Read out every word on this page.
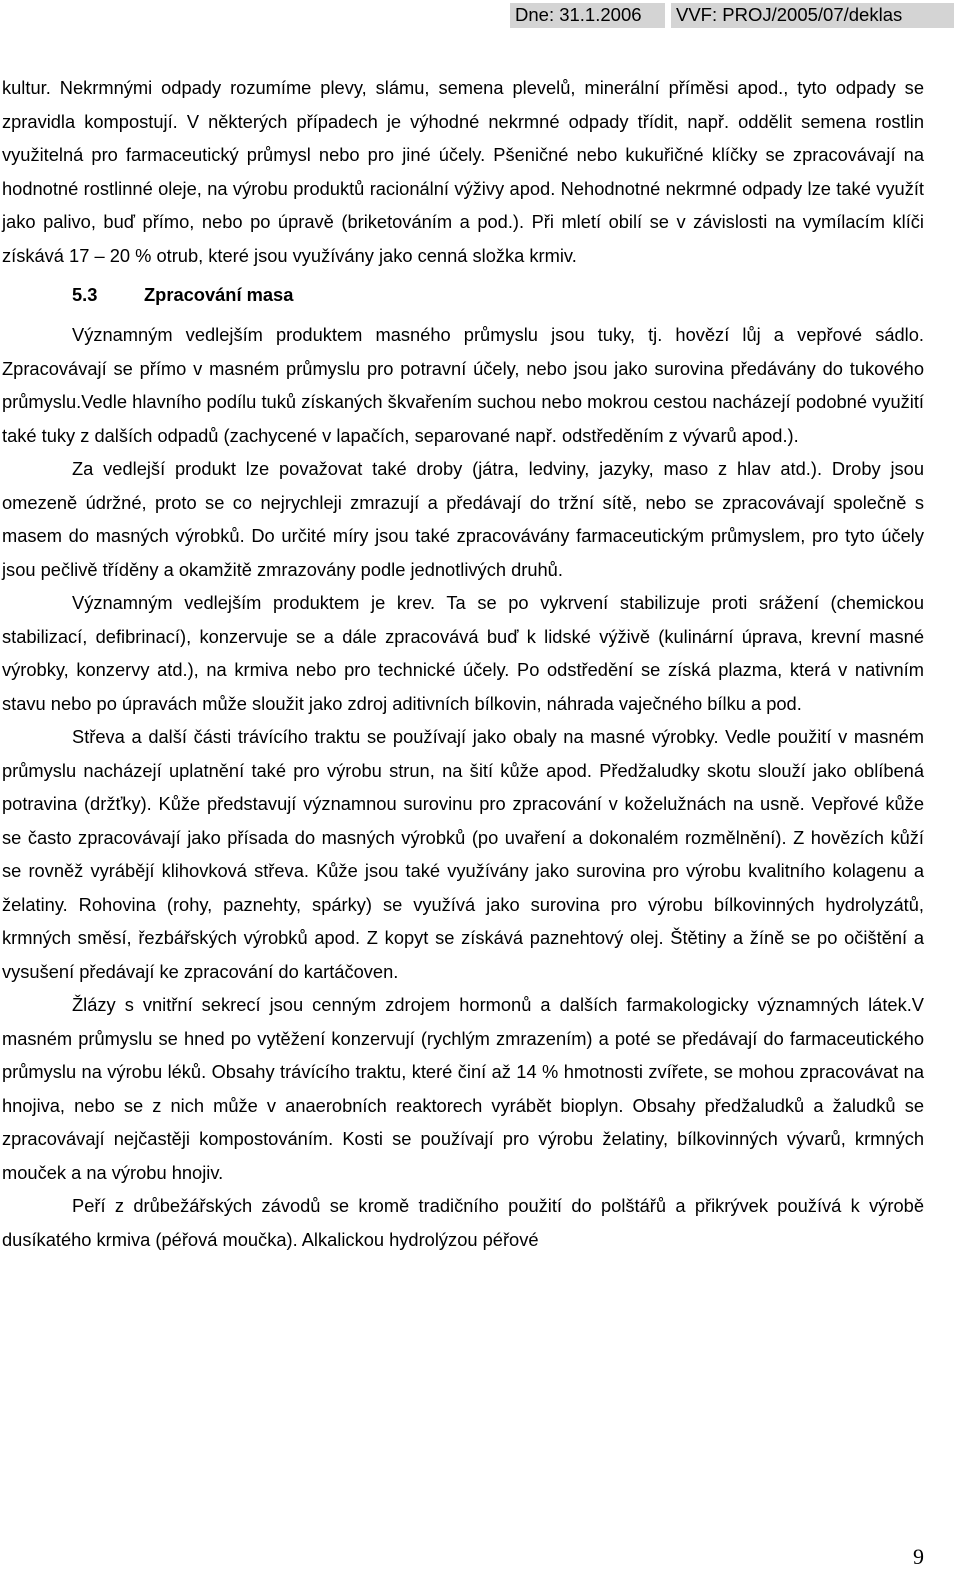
Dne: 31.1.2006	VVF: PROJ/2005/07/deklas

kultur. Nekrmnými odpady rozumíme plevy, slámu, semena plevelů, minerální příměsi apod., tyto odpady se zpravidla kompostují. V některých případech je výhodné nekrmné odpady třídit, např. oddělit semena rostlin využitelná pro farmaceutický průmysl nebo pro jiné účely. Pšeničné nebo kukuřičné klíčky se zpracovávají na hodnotné rostlinné oleje, na výrobu produktů racionální výživy apod. Nehodnotné nekrmné odpady lze také využít jako palivo, buď přímo, nebo po úpravě (briketováním a pod.). Při mletí obilí se v závislosti na vymílacím klíči získává 17 – 20 % otrub, které jsou využívány jako cenná složka krmiv.

5.3	Zpracování masa

Významným vedlejším produktem masného průmyslu jsou tuky, tj. hovězí lůj a vepřové sádlo. Zpracovávají se přímo v masném průmyslu pro potravní účely, nebo jsou jako surovina předávány do tukového průmyslu.Vedle hlavního podílu tuků získaných škvařením suchou nebo mokrou cestou nacházejí podobné využití také tuky z dalších odpadů (zachycené v lapačích, separované např. odstředěním z vývarů apod.).

Za vedlejší produkt lze považovat také droby (játra, ledviny, jazyky, maso z hlav atd.). Droby jsou omezeně údržné, proto se co nejrychleji zmrazují a předávají do tržní sítě, nebo se zpracovávají společně s masem do masných výrobků. Do určité míry jsou také zpracovávány farmaceutickým průmyslem, pro tyto účely jsou pečlivě tříděny a okamžitě zmrazovány podle jednotlivých druhů.

Významným vedlejším produktem je krev. Ta se po vykrvení stabilizuje proti srážení (chemickou stabilizací, defibrinací), konzervuje se a dále zpracovává buď k lidské výživě (kulinární úprava, krevní masné výrobky, konzervy atd.), na krmiva nebo pro technické účely. Po odstředění se získá plazma, která v nativním stavu nebo po úpravách může sloužit jako zdroj aditivních bílkovin, náhrada vaječného bílku a pod.

Střeva a další části trávícího traktu se používají jako obaly na masné výrobky. Vedle použití v masném průmyslu nacházejí uplatnění také pro výrobu strun, na šití kůže apod. Předžaludky skotu slouží jako oblíbená potravina (držťky). Kůže představují významnou surovinu pro zpracování v koželužnách na usně. Vepřové kůže se často zpracovávají jako přísada do masných výrobků (po uvaření a dokonalém rozmělnění). Z hovězích kůží se rovněž vyrábějí klihovková střeva. Kůže jsou také využívány jako surovina pro výrobu kvalitního kolagenu a želatiny. Rohovina (rohy, paznehty, spárky) se využívá jako surovina pro výrobu bílkovinných hydrolyzátů, krmných směsí, řezbářských výrobků apod. Z kopyt se získává paznehtový olej. Štětiny a žíně se po očištění a vysušení předávají ke zpracování do kartáčoven.

Žlázy s vnitřní sekrecí jsou cenným zdrojem hormonů a dalších farmakologicky významných látek.V masném průmyslu se hned po vytěžení konzervují (rychlým zmrazením) a poté se předávají do farmaceutického průmyslu na výrobu léků. Obsahy trávícího traktu, které činí až 14 % hmotnosti zvířete, se mohou zpracovávat na hnojiva, nebo se z nich může v anaerobních reaktorech vyrábět bioplyn. Obsahy předžaludků a žaludků se zpracovávají nejčastěji kompostováním. Kosti se používají pro výrobu želatiny, bílkovinných vývarů, krmných mouček a na výrobu hnojiv.

Peří z drůbežářských závodů se kromě tradičního použití do polštářů a přikrývek používá k výrobě dusíkatého krmiva (péřová moučka). Alkalickou hydrolýzou péřové

9
